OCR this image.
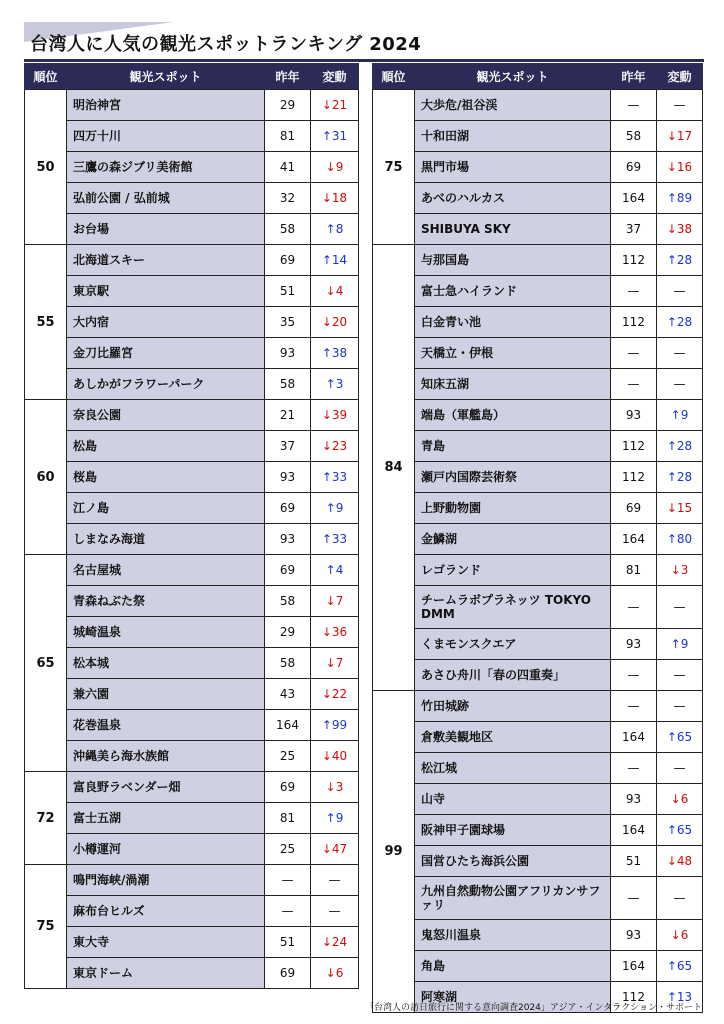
台湾人に人気の観光スポットランキング 2024
順位	観光スポット	昨年	変動
50	明治神宮	29	↓21
	四万十川	81	↑31
	三鷹の森ジブリ美術館	41	↓9
	弘前公園 / 弘前城	32	↓18
	お台場	58	↑8
55	北海道スキー	69	↑14
	東京駅	51	↓4
	大内宿	35	↓20
	金刀比羅宮	93	↑38
	あしかがフラワーパーク	58	↑3
60	奈良公園	21	↓39
	松島	37	↓23
	桜島	93	↑33
	江ノ島	69	↑9
	しまなみ海道	93	↑33
65	名古屋城	69	↑4
	青森ねぶた祭	58	↓7
	城崎温泉	29	↓36
	松本城	58	↓7
	兼六園	43	↓22
	花巻温泉	164	↑99
	沖縄美ら海水族館	25	↓40
72	富良野ラベンダー畑	69	↓3
	富士五湖	81	↑9
	小樽運河	25	↓47
75	鳴門海峡/渦潮	—	—
	麻布台ヒルズ	—	—
	東大寺	51	↓24
	東京ドーム	69	↓6
順位	観光スポット	昨年	変動
75	大歩危/祖谷渓	—	—
	十和田湖	58	↓17
	黒門市場	69	↓16
	あべのハルカス	164	↑89
	SHIBUYA SKY	37	↓38
84	与那国島	112	↑28
	富士急ハイランド	—	—
	白金青い池	112	↑28
	天橋立・伊根	—	—
	知床五湖	—	—
	端島（軍艦島）	93	↑9
	青島	112	↑28
	瀬戸内国際芸術祭	112	↑28
	上野動物園	69	↓15
	金鱗湖	164	↑80
	レゴランド	81	↓3
	チームラボプラネッツ TOKYO DMM	—	—
	くまモンスクエア	93	↑9
	あさひ舟川「春の四重奏」	—	—
99	竹田城跡	—	—
	倉敷美観地区	164	↑65
	松江城	—	—
	山寺	93	↓6
	阪神甲子園球場	164	↑65
	国営ひたち海浜公園	51	↓48
	九州自然動物公園アフリカンサファリ	—	—
	鬼怒川温泉	93	↓6
	角島	164	↑65
	阿寒湖	112	↑13
「台湾人の訪日旅行に関する意向調査2024」アジア・インタラクション・サポート
